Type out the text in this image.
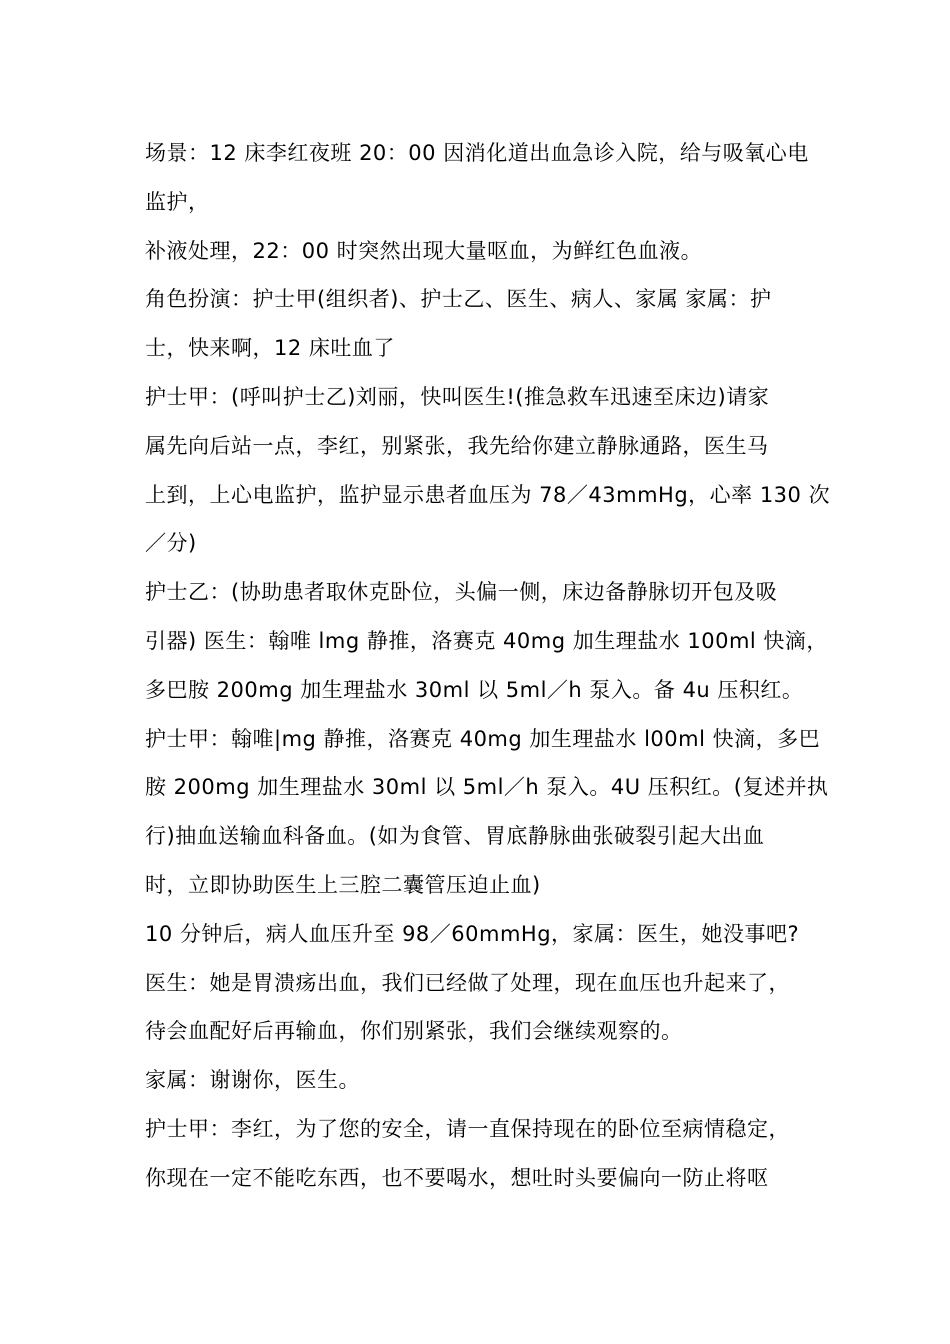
场景：12 床李红夜班 20：00 因消化道出血急诊入院，给与吸氧心电
监护，
补液处理，22：00 时突然出现大量呕血，为鲜红色血液。
角色扮演：护士甲(组织者)、护士乙、医生、病人、家属 家属：护
士，快来啊，12 床吐血了
护士甲：(呼叫护士乙)刘丽，快叫医生!(推急救车迅速至床边)请家
属先向后站一点，李红，别紧张，我先给你建立静脉通路，医生马
上到，上心电监护，监护显示患者血压为 78／43mmHg，心率 130 次
／分)
护士乙：(协助患者取休克卧位，头偏一侧，床边备静脉切开包及吸
引器) 医生：翰唯 lmg 静推，洛赛克 40mg 加生理盐水 100ml 快滴，
多巴胺 200mg 加生理盐水 30ml 以 5ml／h 泵入。备 4u 压积红。
护士甲：翰唯|mg 静推，洛赛克 40mg 加生理盐水 l00ml 快滴，多巴
胺 200mg 加生理盐水 30ml 以 5ml／h 泵入。4U 压积红。(复述并执
行)抽血送输血科备血。(如为食管、胃底静脉曲张破裂引起大出血
时，立即协助医生上三腔二囊管压迫止血)
10 分钟后，病人血压升至 98／60mmHg，家属：医生，她没事吧?
医生：她是胃溃疡出血，我们已经做了处理，现在血压也升起来了，
待会血配好后再输血，你们别紧张，我们会继续观察的。
家属：谢谢你，医生。
护士甲：李红，为了您的安全，请一直保持现在的卧位至病情稳定，
你现在一定不能吃东西，也不要喝水，想吐时头要偏向一防止将呕
